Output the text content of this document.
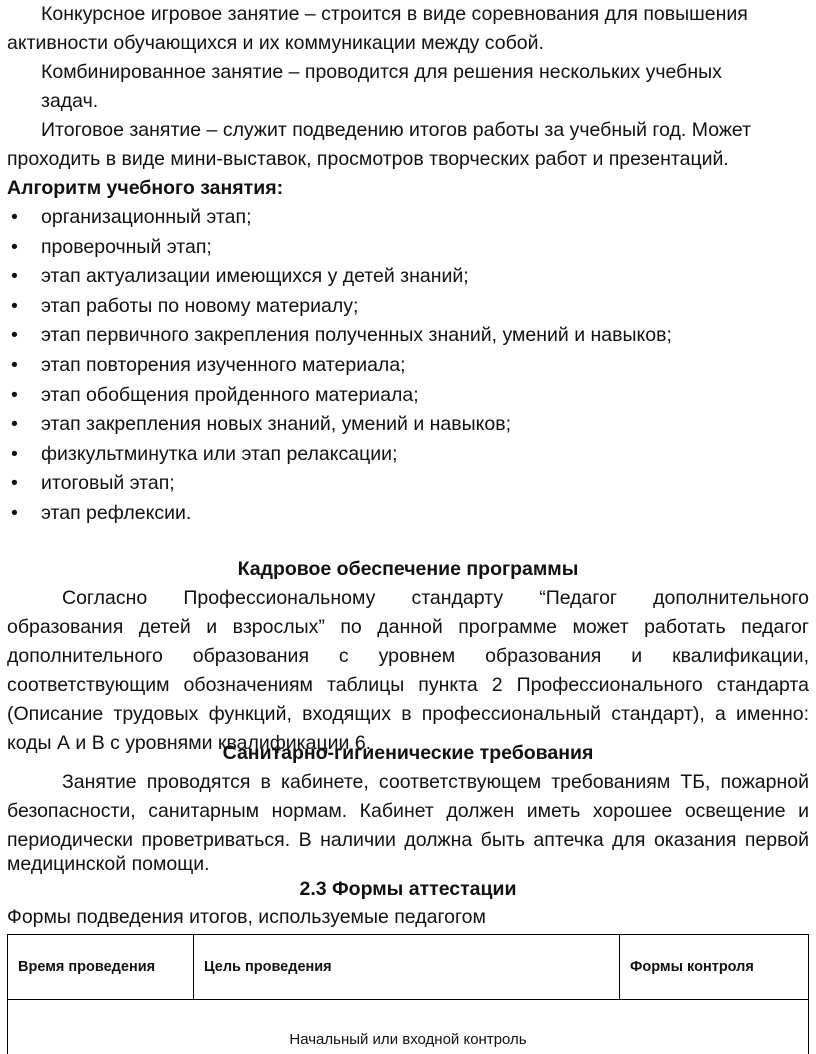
Конкурсное игровое занятие – строится в виде соревнования для повышения
активности обучающихся и их коммуникации между собой.
Комбинированное занятие – проводится для решения нескольких учебных
задач.
Итоговое занятие – служит подведению итогов работы за учебный год. Может
проходить в виде мини-выставок, просмотров творческих работ и презентаций.
Алгоритм учебного занятия:
• организационный этап;
• проверочный этап;
• этап актуализации имеющихся у детей знаний;
• этап работы по новому материалу;
• этап первичного закрепления полученных знаний, умений и навыков;
• этап повторения изученного материала;
• этап обобщения пройденного материала;
• этап закрепления новых знаний, умений и навыков;
• физкультминутка или этап релаксации;
• итоговый этап;
• этап рефлексии.
Кадровое обеспечение программы
Согласно Профессиональному стандарту “Педагог дополнительного
образования детей и взрослых” по данной программе может работать педагог
дополнительного образования с уровнем образования и квалификации,
соответствующим обозначениям таблицы пункта 2 Профессионального стандарта
(Описание трудовых функций, входящих в профессиональный стандарт), а именно:
коды А и В с уровнями квалификации 6.
Санитарно-гигиенические требования
Занятие проводятся в кабинете, соответствующем требованиям ТБ, пожарной
безопасности, санитарным нормам. Кабинет должен иметь хорошее освещение и
периодически проветриваться. В наличии должна быть аптечка для оказания первой
медицинской помощи.
2.3 Формы аттестации
Формы подведения итогов, используемые педагогом
Время проведения	Цель проведения	Формы контроля
Начальный или входной контроль
